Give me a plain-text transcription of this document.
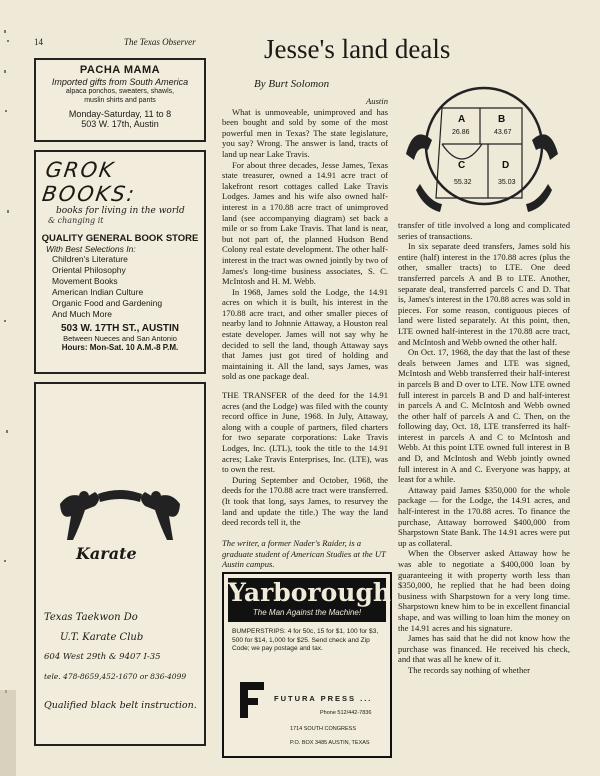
14	The Texas Observer
PACHA MAMA
Imported gifts from South America
alpaca ponchos, sweaters, shawls,
muslin shirts and pants
Monday-Saturday, 11 to 8
503 W. 17th, Austin
GROK BOOKS:
books for living in the world
& changing it
QUALITY GENERAL BOOK STORE
With Best Selections In:
Children's Literature
Oriental Philosophy
Movement Books
American Indian Culture
Organic Food and Gardening
And Much More
503 W. 17TH ST., AUSTIN
Between Nueces and San Antonio
Hours: Mon-Sat. 10 A.M.-8 P.M.
Karate
Texas Taekwon Do
U.T. Karate Club
604 West 29th & 9407 I-35
tele. 478-8659,452-1670 or 836-4099
Qualified black belt instruction.
Jesse's land deals
By Burt Solomon
Austin

What is unmoveable, unimproved and has been bought and sold by some of the most powerful men in Texas? The state legislature, you say? Wrong. The answer is land, tracts of land up near Lake Travis.

For about three decades, Jesse James, Texas state treasurer, owned a 14.91 acre tract of lakefront resort cottages called Lake Travis Lodges. James and his wife also owned half-interest in a 170.88 acre tract of unimproved land (see accompanying diagram) set back a mile or so from Lake Travis. That land is near, but not part of, the planned Hudson Bend Colony real estate development. The other half-interest in the tract was owned jointly by two of James's long-time business associates, S. C. McIntosh and H. M. Webb.

In 1968, James sold the Lodge, the 14.91 acres on which it is built, his interest in the 170.88 acre tract, and other smaller pieces of nearby land to Johnnie Attaway, a Houston real estate developer. James will not say why he decided to sell the land, though Attaway says that James just got tired of holding and maintaining it. All the land, says James, was sold as one package deal.

THE TRANSFER of the deed for the 14.91 acres (and the Lodge) was filed with the county record office in June, 1968. In July, Attaway, along with a couple of partners, filed charters for two separate corporations: Lake Travis Lodges, Inc. (LTL), took the title to the 14.91 acres; Lake Travis Enterprises, Inc. (LTE), was to own the rest.

During September and October, 1968, the deeds for the 170.88 acre tract were transferred. (It took that long, says James, to resurvey the land and update the title.) The way the land deed records tell it, the

The writer, a former Nader's Raider, is a graduate student of American Studies at the UT Austin campus.
A	B
C	D
26.86	43.67
55.32	35.03

transfer of title involved a long and complicated series of transactions.

In six separate deed transfers, James sold his entire (half) interest in the 170.88 acres (plus the other, smaller tracts) to LTE. One deed transferred parcels A and B to LTE. Another, separate deal, transferred parcels C and D. That is, James's interest in the 170.88 acres was sold in pieces. For some reason, contiguous pieces of land were listed separately. At this point, then, LTE owned half-interest in the 170.88 acre tract, and McIntosh and Webb owned the other half.

On Oct. 17, 1968, the day that the last of these deals between James and LTE was signed, McIntosh and Webb transferred their half-interest in parcels B and D over to LTE. Now LTE owned full interest in parcels B and D and half-interest in parcels A and C. McIntosh and Webb owned the other half of parcels A and C. Then, on the following day, Oct. 18, LTE transferred its half-interest in parcels A and C to McIntosh and Webb. At this point LTE owned full interest in B and D, and McIntosh and Webb jointly owned full interest in A and C. Everyone was happy, at least for a while.

Attaway paid James $350,000 for the whole package — for the Lodge, the 14.91 acres, and half-interest in the 170.88 acres. To finance the purchase, Attaway borrowed $400,000 from Sharpstown State Bank. The 14.91 acres were put up as collateral.

When the Observer asked Attaway how he was able to negotiate a $400,000 loan by guaranteeing it with property worth less than $350,000, he replied that he had been doing business with Sharpstown for a very long time. Sharpstown knew him to be in excellent financial shape, and was willing to loan him the money on the 14.91 acres and his signature.

James has said that he did not know how the purchase was financed. He received his check, and that was all he knew of it.

The records say nothing of whether

Yarborough
The Man Against the Machine!
BUMPERSTRIPS: 4 for 50c, 15 for $1, 100 for $3, 500 for $14, 1,000 for $25. Send check and Zip Code; we pay postage and tax.
FUTURA PRESS ...
Phone 512/442-7836
1714 SOUTH CONGRESS
P.O. BOX 3485 AUSTIN, TEXAS
